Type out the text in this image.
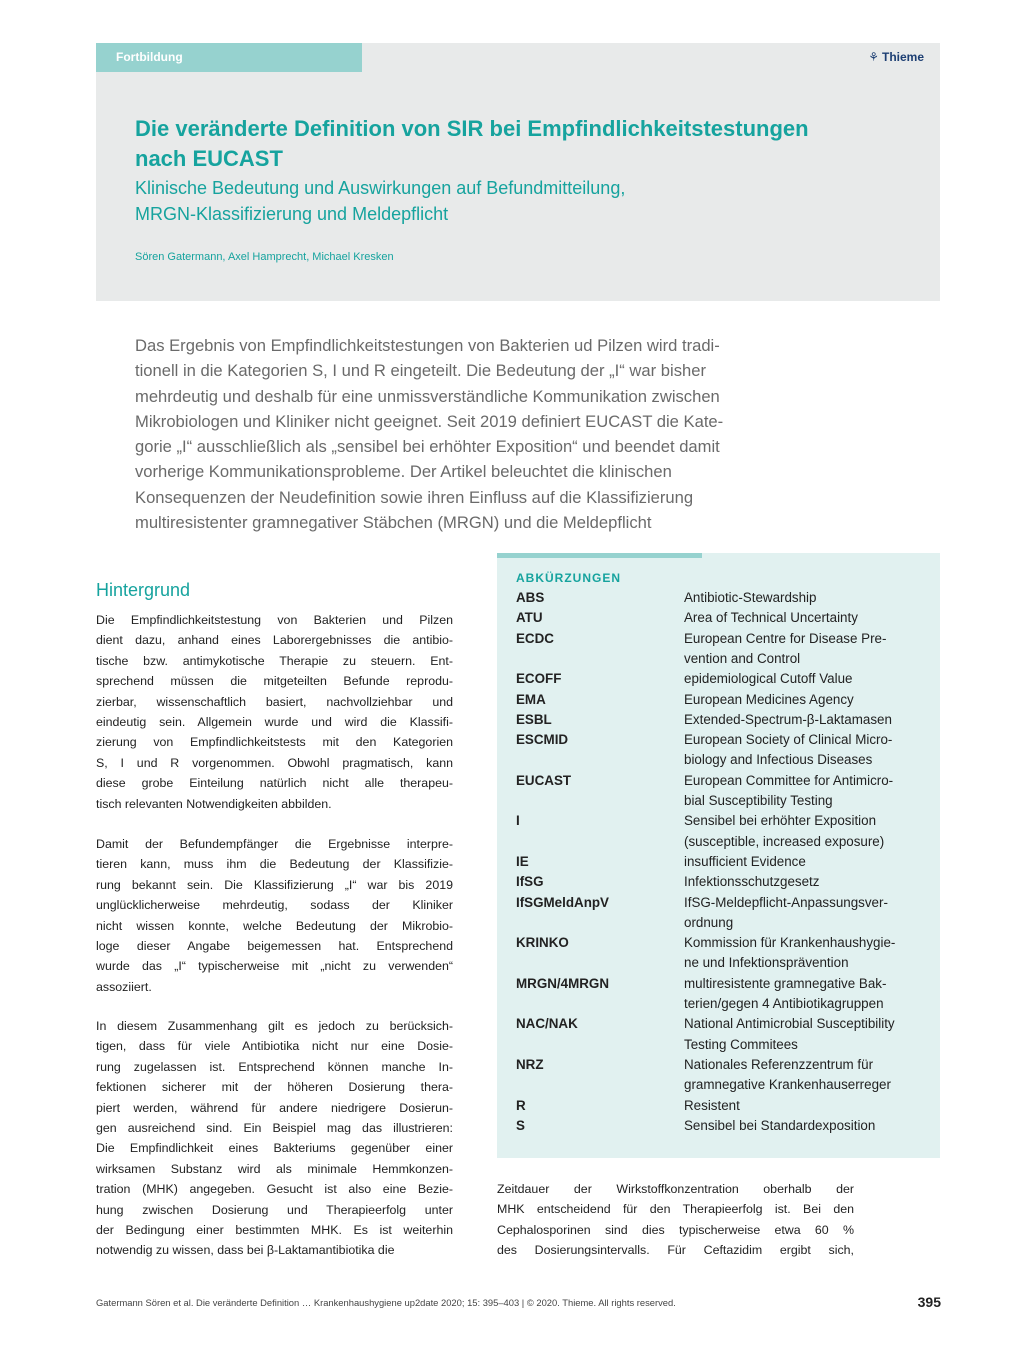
Fortbildung	⚘ Thieme
Die veränderte Definition von SIR bei Empfindlichkeitstestungen
nach EUCAST
Klinische Bedeutung und Auswirkungen auf Befundmitteilung,
MRGN-Klassifizierung und Meldepflicht
Sören Gatermann, Axel Hamprecht, Michael Kresken

Das Ergebnis von Empfindlichkeitstestungen von Bakterien ud Pilzen wird tradi-

tionell in die Kategorien S, I und R eingeteilt. Die Bedeutung der „I“ war bisher

mehrdeutig und deshalb für eine unmissverständliche Kommunikation zwischen

Mikrobiologen und Kliniker nicht geeignet. Seit 2019 definiert EUCAST die Kate-

gorie „I“ ausschließlich als „sensibel bei erhöhter Exposition“ und beendet damit

vorherige Kommunikationsprobleme. Der Artikel beleuchtet die klinischen

Konsequenzen der Neudefinition sowie ihren Einfluss auf die Klassifizierung

multiresistenter gramnegativer Stäbchen (MRGN) und die Meldepflicht

Hintergrund
Die Empfindlichkeitstestung von Bakterien und Pilzen
dient dazu, anhand eines Laborergebnisses die antibio-
tische bzw. antimykotische Therapie zu steuern. Ent-
sprechend müssen die mitgeteilten Befunde reprodu-
zierbar, wissenschaftlich basiert, nachvollziehbar und
eindeutig sein. Allgemein wurde und wird die Klassifi-
zierung von Empfindlichkeitstests mit den Kategorien
S, I und R vorgenommen. Obwohl pragmatisch, kann
diese grobe Einteilung natürlich nicht alle therapeu-
tisch relevanten Notwendigkeiten abbilden.
Damit der Befundempfänger die Ergebnisse interpre-
tieren kann, muss ihm die Bedeutung der Klassifizie-
rung bekannt sein. Die Klassifizierung „I“ war bis 2019
unglücklicherweise mehrdeutig, sodass der Kliniker
nicht wissen konnte, welche Bedeutung der Mikrobio-
loge dieser Angabe beigemessen hat. Entsprechend
wurde das „I“ typischerweise mit „nicht zu verwenden“
assoziiert.
In diesem Zusammenhang gilt es jedoch zu berücksich-
tigen, dass für viele Antibiotika nicht nur eine Dosie-
rung zugelassen ist. Entsprechend können manche In-
fektionen sicherer mit der höheren Dosierung thera-
piert werden, während für andere niedrigere Dosierun-
gen ausreichend sind. Ein Beispiel mag das illustrieren:
Die Empfindlichkeit eines Bakteriums gegenüber einer
wirksamen Substanz wird als minimale Hemmkonzen-
tration (MHK) angegeben. Gesucht ist also eine Bezie-
hung zwischen Dosierung und Therapieerfolg unter
der Bedingung einer bestimmten MHK. Es ist weiterhin
notwendig zu wissen, dass bei β-Laktamantibiotika die
ABKÜRZUNGEN
ABS	Antibiotic-Stewardship
ATU	Area of Technical Uncertainty
ECDC	European Centre for Disease Pre-
vention and Control
ECOFF	epidemiological Cutoff Value
EMA	European Medicines Agency
ESBL	Extended-Spectrum-β-Laktamasen
ESCMID	European Society of Clinical Micro-
biology and Infectious Diseases
EUCAST	European Committee for Antimicro-
bial Susceptibility Testing
I	Sensibel bei erhöhter Exposition
(susceptible, increased exposure)
IE	insufficient Evidence
IfSG	Infektionsschutzgesetz
IfSGMeldAnpV	IfSG-Meldepflicht-Anpassungsver-
ordnung
KRINKO	Kommission für Krankenhaushygie-
ne und Infektionsprävention
MRGN/4MRGN	multiresistente gramnegative Bak-
terien/gegen 4 Antibiotikagruppen
NAC/NAK	National Antimicrobial Susceptibility
Testing Commitees
NRZ	Nationales Referenzzentrum für
gramnegative Krankenhauserreger
R	Resistent
S	Sensibel bei Standardexposition
Zeitdauer der Wirkstoffkonzentration oberhalb der
MHK entscheidend für den Therapieerfolg ist. Bei den
Cephalosporinen sind dies typischerweise etwa 60 %
des Dosierungsintervalls. Für Ceftazidim ergibt sich,
Gatermann Sören et al. Die veränderte Definition … Krankenhaushygiene up2date 2020; 15: 395–403 | © 2020. Thieme. All rights reserved.	395
